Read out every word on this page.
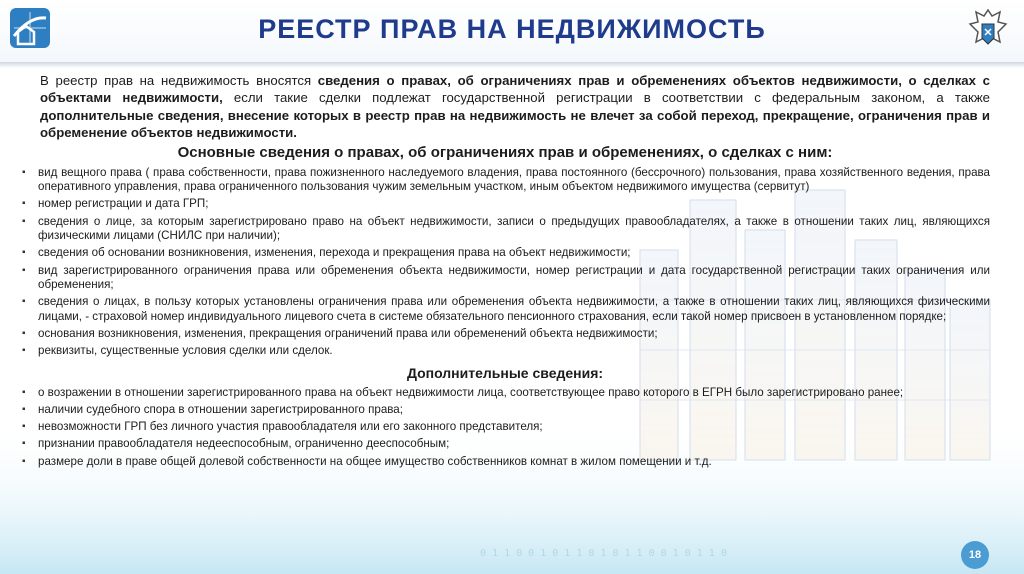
РЕЕСТР ПРАВ НА НЕДВИЖИМОСТЬ

В реестр прав на недвижимость вносятся сведения о правах, об ограничениях прав и обременениях объектов недвижимости, о сделках с объектами недвижимости, если такие сделки подлежат государственной регистрации в соответствии с федеральным законом, а также дополнительные сведения, внесение которых в реестр прав на недвижимость не влечет за собой переход, прекращение, ограничения прав и обременение объектов недвижимости.

Основные сведения о правах, об ограничениях прав и обременениях, о сделках с ним:
▪ вид вещного права ( права собственности, права пожизненного наследуемого владения, права постоянного (бессрочного) пользования, права хозяйственного ведения, права оперативного управления, права ограниченного пользования чужим земельным участком, иным объектом недвижимого имущества (сервитут)
▪ номер регистрации и дата ГРП;
▪ сведения о лице, за которым зарегистрировано право на объект недвижимости, записи о предыдущих правообладателях, а также в отношении таких лиц, являющихся физическими лицами (СНИЛС при наличии);
▪ сведения об основании возникновения, изменения, перехода и прекращения права на объект недвижимости;
▪ вид зарегистрированного ограничения права или обременения объекта недвижимости, номер регистрации и дата государственной регистрации таких ограничения или обременения;
▪ сведения о лицах, в пользу которых установлены ограничения права или обременения объекта недвижимости, а также в отношении таких лиц, являющихся физическими лицами, - страховой номер индивидуального лицевого счета в системе обязательного пенсионного страхования, если такой номер присвоен в установленном порядке;
▪ основания возникновения, изменения, прекращения ограничений права или обременений объекта недвижимости;
▪ реквизиты, существенные условия сделки или сделок.
Дополнительные сведения:
▪ о возражении в отношении зарегистрированного права на объект недвижимости лица, соответствующее право которого в ЕГРН было зарегистрировано ранее;
▪ наличии судебного спора в отношении зарегистрированного права;
▪ невозможности ГРП без личного участия правообладателя или его законного представителя;
▪ признании правообладателя недееспособным, ограниченно дееспособным;
▪ размере доли в праве общей долевой собственности на общее имущество собственников комнат в жилом помещении и т.д.
0 1 1 0 0 1 0 1 1 0 1 0 1 1 0 0 1 0 1 1 0	18
